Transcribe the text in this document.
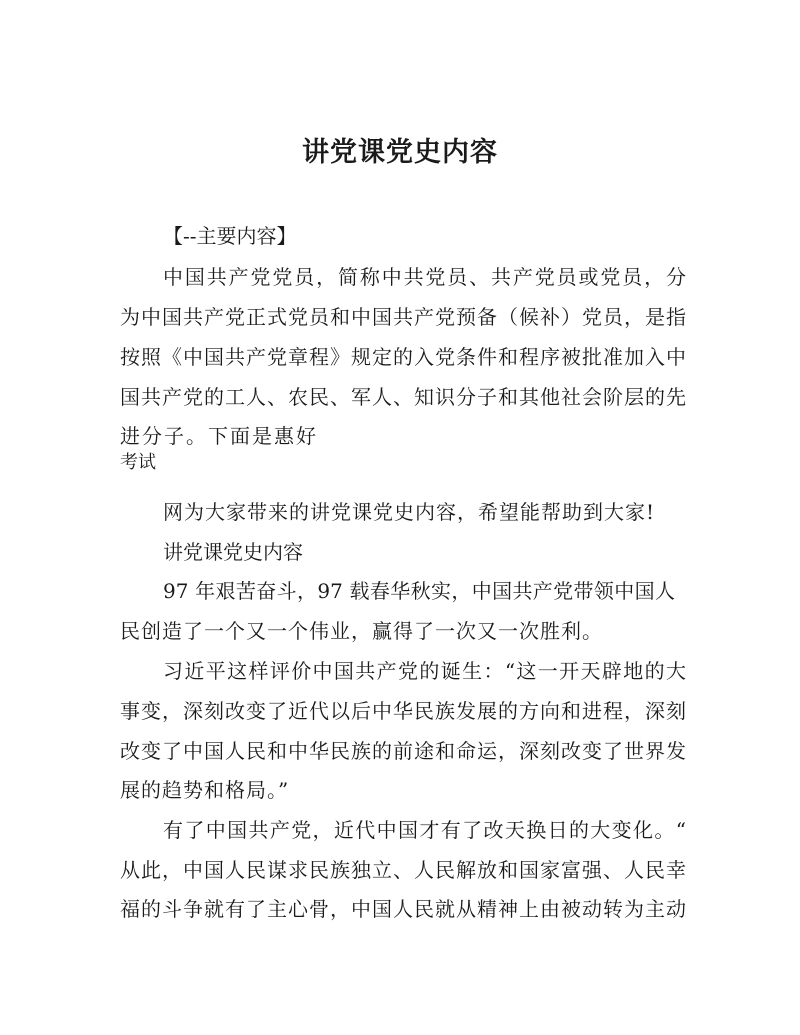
讲党课党史内容
【--主要内容】
中国共产党党员，简称中共党员、共产党员或党员，分
为中国共产党正式党员和中国共产党预备（候补）党员，是指
按照《中国共产党章程》规定的入党条件和程序被批准加入中
国共产党的工人、农民、军人、知识分子和其他社会阶层的先
进分子。下面是惠好
考试
网为大家带来的讲党课党史内容，希望能帮助到大家!
讲党课党史内容
97 年艰苦奋斗，97 载春华秋实，中国共产党带领中国人
民创造了一个又一个伟业，赢得了一次又一次胜利。
习近平这样评价中国共产党的诞生：“这一开天辟地的大
事变，深刻改变了近代以后中华民族发展的方向和进程，深刻
改变了中国人民和中华民族的前途和命运，深刻改变了世界发
展的趋势和格局。”
有了中国共产党，近代中国才有了改天换日的大变化。“
从此，中国人民谋求民族独立、人民解放和国家富强、人民幸
福的斗争就有了主心骨，中国人民就从精神上由被动转为主动
